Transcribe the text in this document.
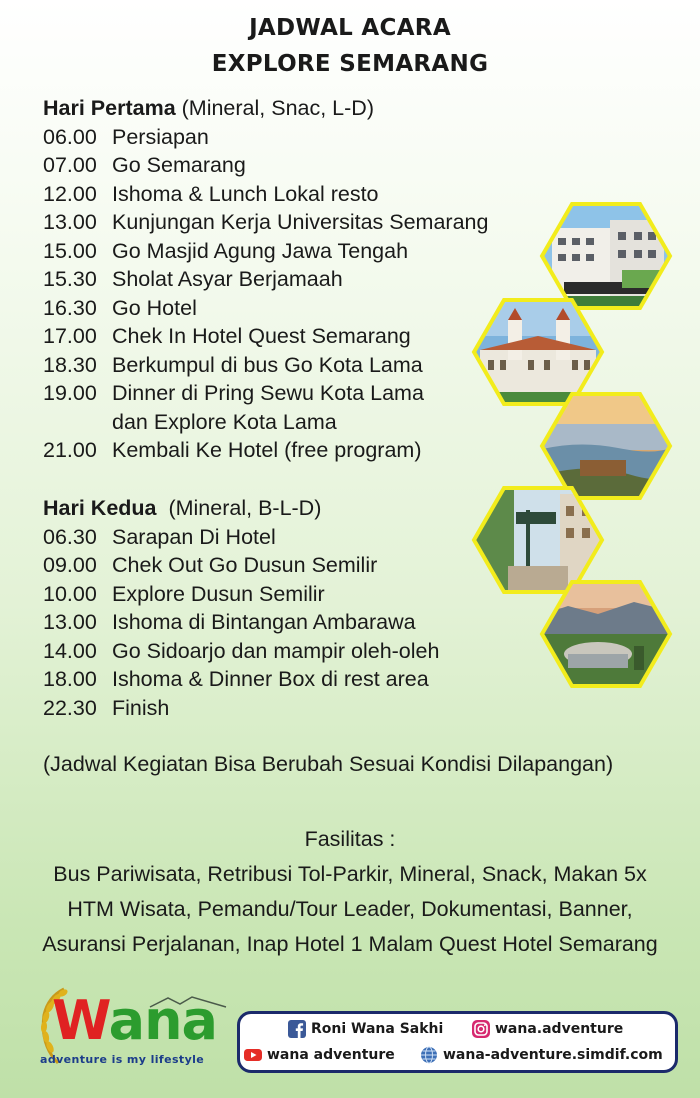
JADWAL ACARA
EXPLORE SEMARANG
Hari Pertama (Mineral, Snac, L-D)
06.00 Persiapan
07.00 Go Semarang
12.00 Ishoma & Lunch Lokal resto
13.00 Kunjungan Kerja Universitas Semarang
15.00 Go Masjid Agung Jawa Tengah
15.30 Sholat Asyar Berjamaah
16.30 Go Hotel
17.00 Chek In Hotel Quest Semarang
18.30 Berkumpul di bus Go Kota Lama
19.00 Dinner di Pring Sewu Kota Lama
dan Explore Kota Lama
21.00 Kembali Ke Hotel (free program)
Hari Kedua  (Mineral, B-L-D)
06.30 Sarapan Di Hotel
09.00 Chek Out Go Dusun Semilir
10.00 Explore Dusun Semilir
13.00 Ishoma di Bintangan Ambarawa
14.00 Go Sidoarjo dan mampir oleh-oleh
18.00 Ishoma & Dinner Box di rest area
22.30 Finish
(Jadwal Kegiatan Bisa Berubah Sesuai Kondisi Dilapangan)
Fasilitas :
Bus Pariwisata, Retribusi Tol-Parkir, Mineral, Snack, Makan 5x
HTM Wisata, Pemandu/Tour Leader, Dokumentasi, Banner,
Asuransi Perjalanan, Inap Hotel 1 Malam Quest Hotel Semarang
Wana
adventure is my lifestyle
Roni Wana Sakhi	wana.adventure
wana adventure	wana-adventure.simdif.com
